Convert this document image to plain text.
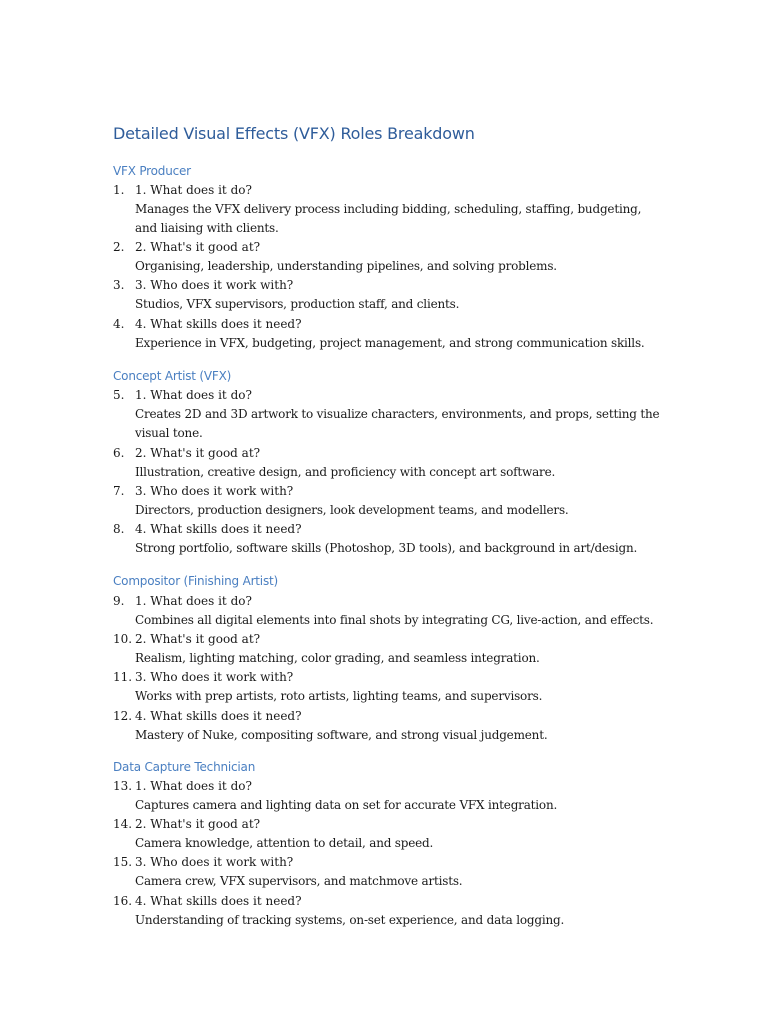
Detailed Visual Effects (VFX) Roles Breakdown
VFX Producer
1. 1. What does it do?
Manages the VFX delivery process including bidding, scheduling, staffing, budgeting, and liaising with clients.
2. 2. What's it good at?
Organising, leadership, understanding pipelines, and solving problems.
3. 3. Who does it work with?
Studios, VFX supervisors, production staff, and clients.
4. 4. What skills does it need?
Experience in VFX, budgeting, project management, and strong communication skills.
Concept Artist (VFX)
5. 1. What does it do?
Creates 2D and 3D artwork to visualize characters, environments, and props, setting the visual tone.
6. 2. What's it good at?
Illustration, creative design, and proficiency with concept art software.
7. 3. Who does it work with?
Directors, production designers, look development teams, and modellers.
8. 4. What skills does it need?
Strong portfolio, software skills (Photoshop, 3D tools), and background in art/design.
Compositor (Finishing Artist)
9. 1. What does it do?
Combines all digital elements into final shots by integrating CG, live-action, and effects.
10. 2. What's it good at?
Realism, lighting matching, color grading, and seamless integration.
11. 3. Who does it work with?
Works with prep artists, roto artists, lighting teams, and supervisors.
12. 4. What skills does it need?
Mastery of Nuke, compositing software, and strong visual judgement.
Data Capture Technician
13. 1. What does it do?
Captures camera and lighting data on set for accurate VFX integration.
14. 2. What's it good at?
Camera knowledge, attention to detail, and speed.
15. 3. Who does it work with?
Camera crew, VFX supervisors, and matchmove artists.
16. 4. What skills does it need?
Understanding of tracking systems, on-set experience, and data logging.
